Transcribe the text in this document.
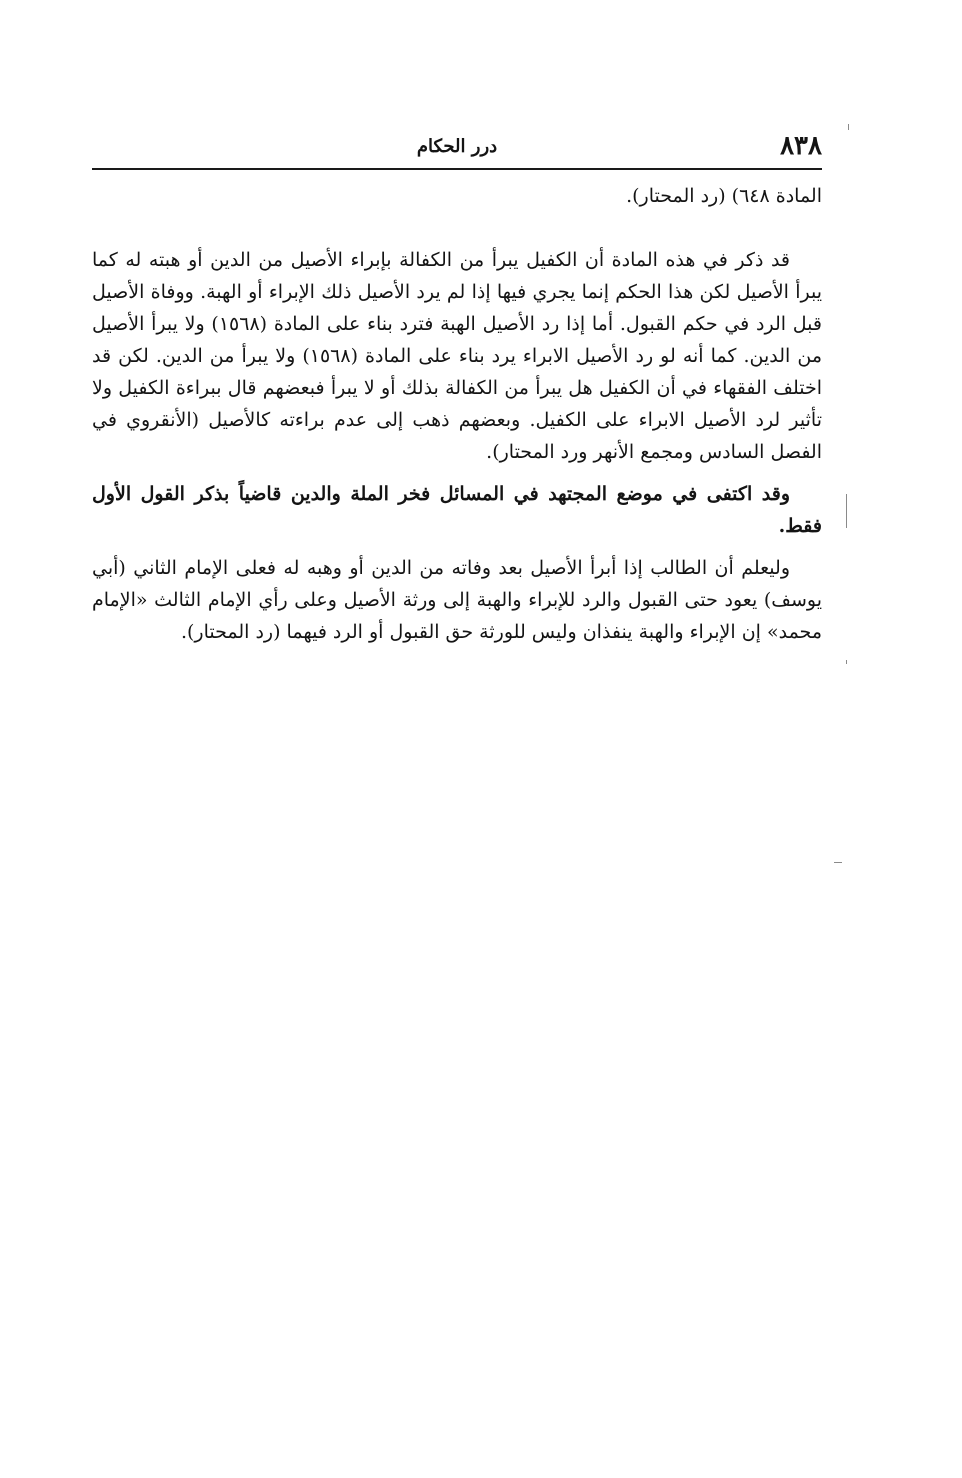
٨٣٨
درر الحكام

المادة ٦٤٨) (رد المحتار).

قد ذكر في هذه المادة أن الكفيل يبرأ من الكفالة بإبراء الأصيل من الدين أو هبته له كما يبرأ الأصيل لكن هذا الحكم إنما يجري فيها إذا لم يرد الأصيل ذلك الإبراء أو الهبة. ووفاة الأصيل قبل الرد في حكم القبول. أما إذا رد الأصيل الهبة فترد بناء على المادة (١٥٦٨) ولا يبرأ الأصيل من الدين. كما أنه لو رد الأصيل الابراء يرد بناء على المادة (١٥٦٨) ولا يبرأ من الدين. لكن قد اختلف الفقهاء في أن الكفيل هل يبرأ من الكفالة بذلك أو لا يبرأ فبعضهم قال ببراءة الكفيل ولا تأثير لرد الأصيل الابراء على الكفيل. وبعضهم ذهب إلى عدم براءته كالأصيل (الأنقروي في الفصل السادس ومجمع الأنهر ورد المحتار).

وقد اكتفى في موضع المجتهد في المسائل فخر الملة والدين قاضياً بذكر القول الأول فقط.

وليعلم أن الطالب إذا أبرأ الأصيل بعد وفاته من الدين أو وهبه له فعلى الإمام الثاني (أبي يوسف) يعود حتى القبول والرد للإبراء والهبة إلى ورثة الأصيل وعلى رأي الإمام الثالث «الإمام محمد» إن الإبراء والهبة ينفذان وليس للورثة حق القبول أو الرد فيهما (رد المحتار).
